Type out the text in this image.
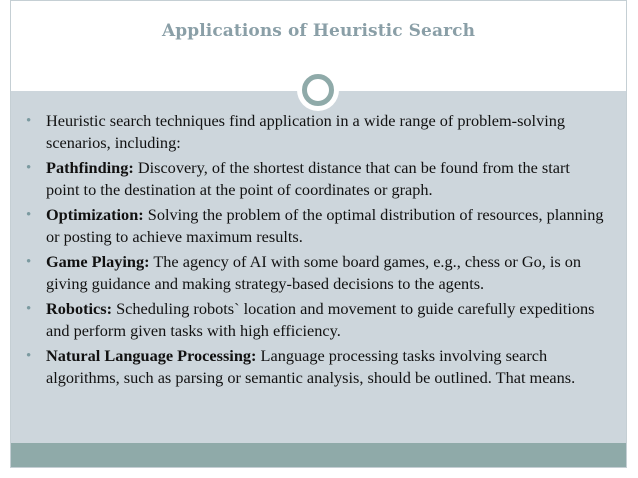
Applications of Heuristic Search
• Heuristic search techniques find application in a wide range of problem-solving scenarios, including:
• Pathfinding: Discovery, of the shortest distance that can be found from the start point to the destination at the point of coordinates or graph.
• Optimization: Solving the problem of the optimal distribution of resources, planning or posting to achieve maximum results.
• Game Playing: The agency of AI with some board games, e.g., chess or Go, is on giving guidance and making strategy-based decisions to the agents.
• Robotics: Scheduling robots` location and movement to guide carefully expeditions and perform given tasks with high efficiency.
• Natural Language Processing: Language processing tasks involving search algorithms, such as parsing or semantic analysis, should be outlined. That means.
